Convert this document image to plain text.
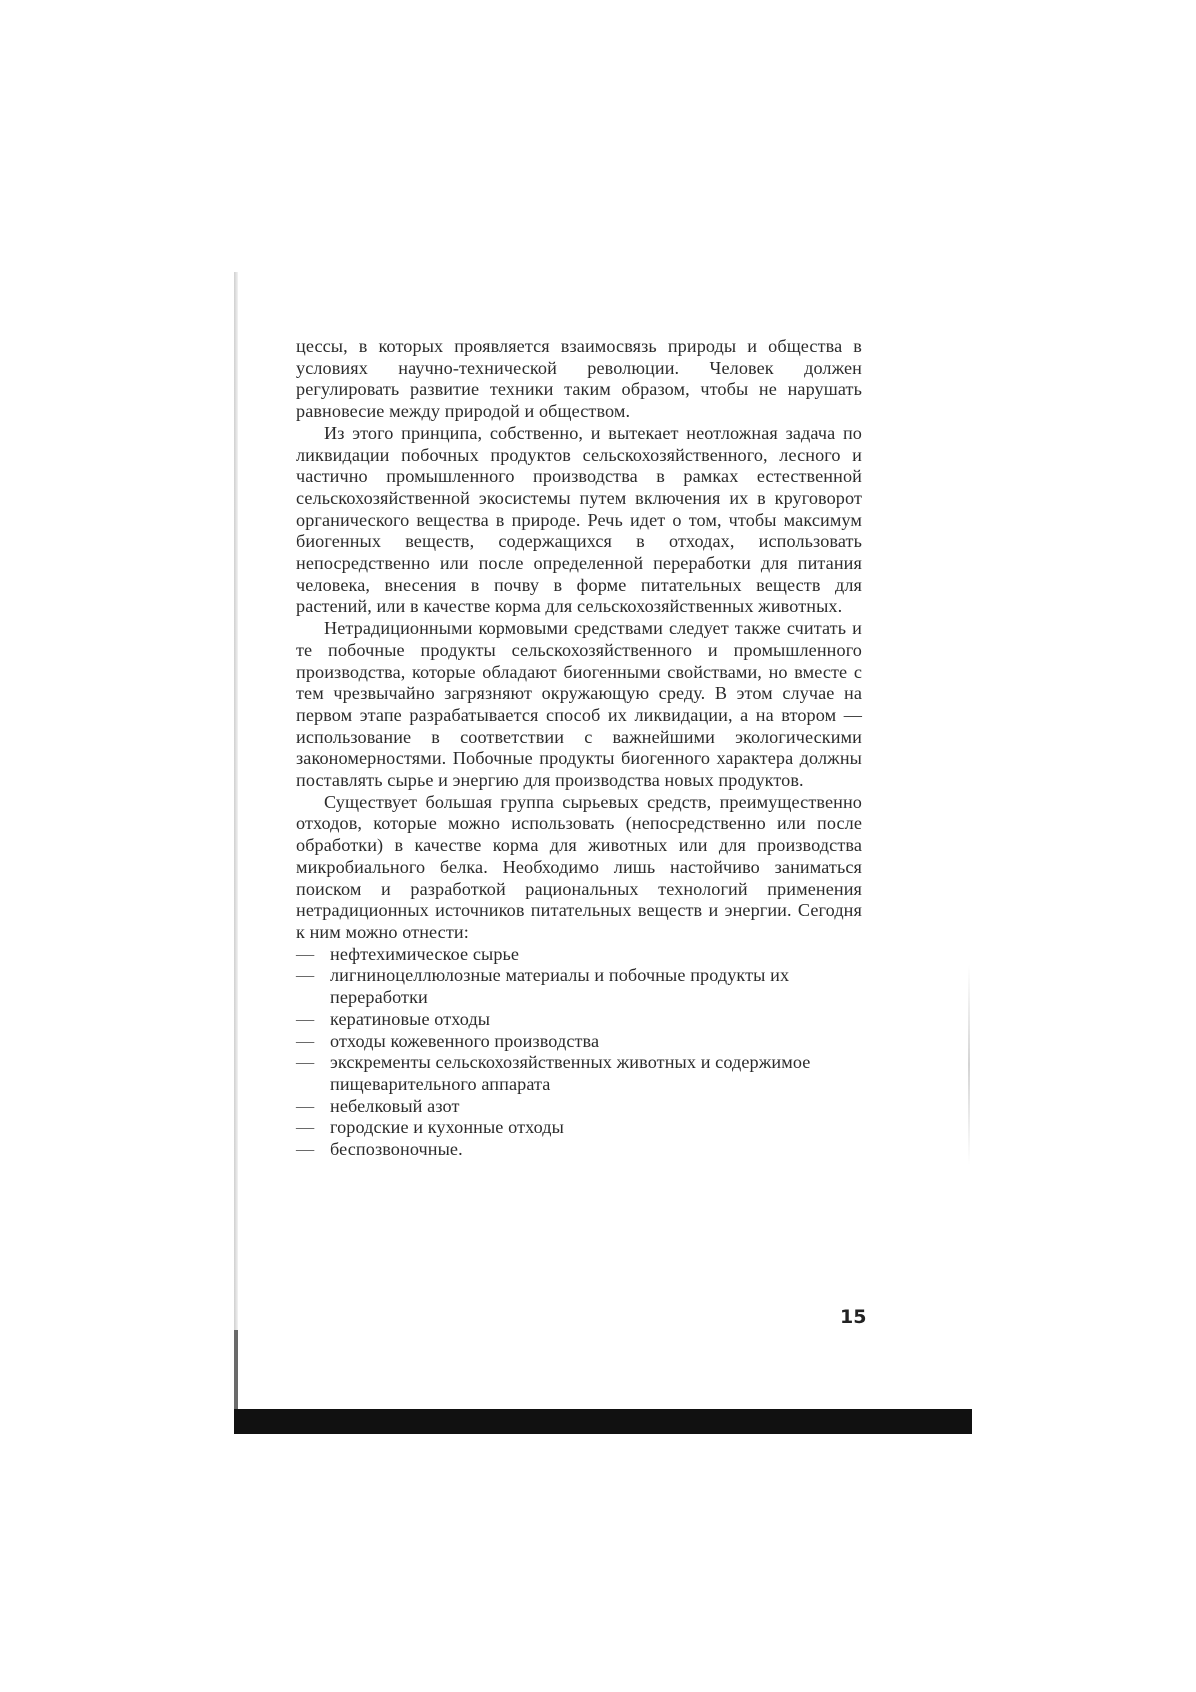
цессы, в которых проявляется взаимосвязь природы и общества в условиях научно-технической революции. Человек должен регулировать развитие техники таким образом, чтобы не нарушать равновесие между природой и обществом.

Из этого принципа, собственно, и вытекает неотложная задача по ликвидации побочных продуктов сельскохозяйственного, лесного и частично промышленного производства в рамках естественной сельскохозяйственной экосистемы путем включения их в круговорот органического вещества в природе. Речь идет о том, чтобы максимум биогенных веществ, содержащихся в отходах, использовать непосредственно или после определенной переработки для питания человека, внесения в почву в форме питательных веществ для растений, или в качестве корма для сельскохозяйственных животных.

Нетрадиционными кормовыми средствами следует также считать и те побочные продукты сельскохозяйственного и промышленного производства, которые обладают биогенными свойствами, но вместе с тем чрезвычайно загрязняют окружающую среду. В этом случае на первом этапе разрабатывается способ их ликвидации, а на втором — использование в соответствии с важнейшими экологическими закономерностями. Побочные продукты биогенного характера должны поставлять сырье и энергию для производства новых продуктов.

Существует большая группа сырьевых средств, преимущественно отходов, которые можно использовать (непосредственно или после обработки) в качестве корма для животных или для производства микробиального белка. Необходимо лишь настойчиво заниматься поиском и разработкой рациональных технологий применения нетрадиционных источников питательных веществ и энергии. Сегодня к ним можно отнести:

— нефтехимическое сырье
— лигниноцеллюлозные материалы и побочные продукты их переработки
— кератиновые отходы
— отходы кожевенного производства
— экскременты сельскохозяйственных животных и содержимое пищеварительного аппарата
— небелковый азот
— городские и кухонные отходы
— беспозвоночные.
15
